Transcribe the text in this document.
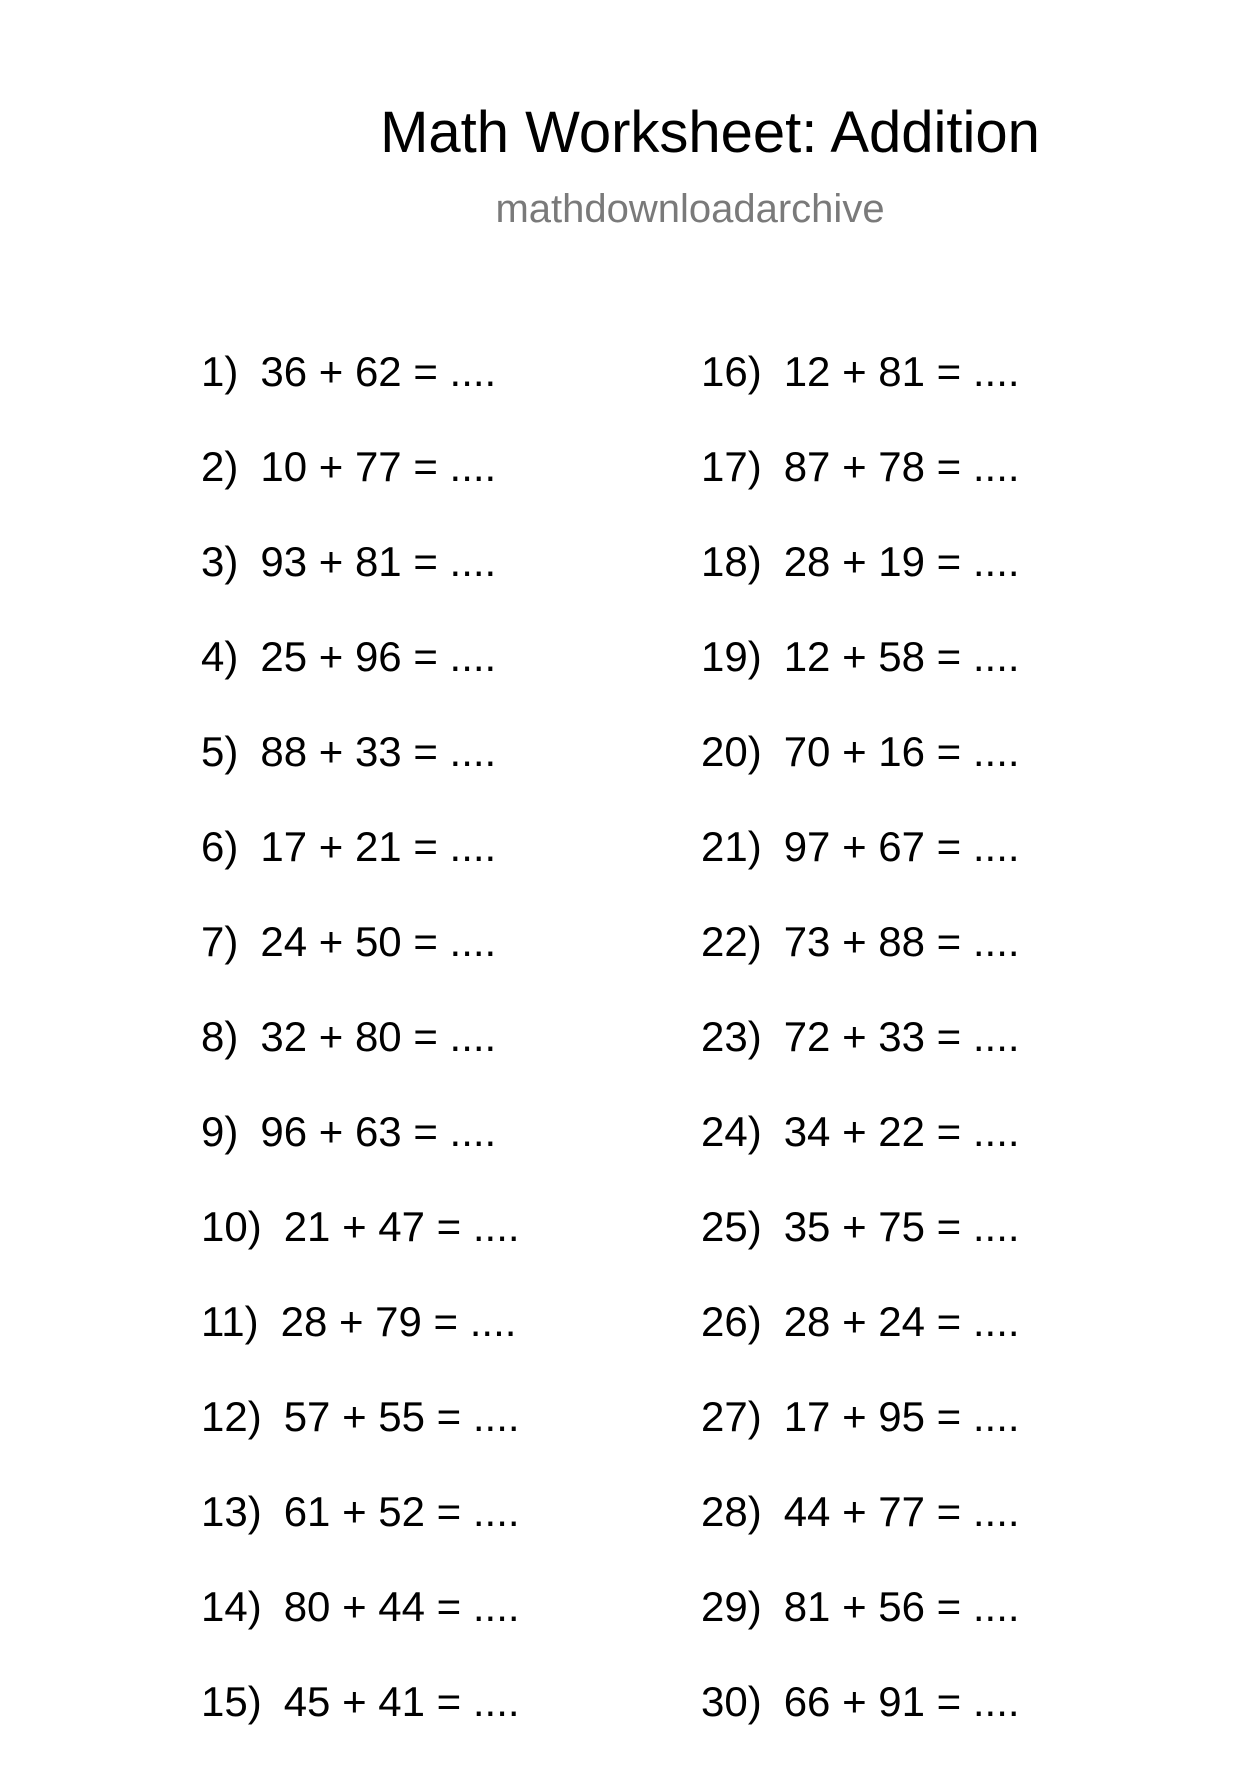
Math Worksheet: Addition
mathdownloadarchive
1) 36 + 62 = ....
2) 10 + 77 = ....
3) 93 + 81 = ....
4) 25 + 96 = ....
5) 88 + 33 = ....
6) 17 + 21 = ....
7) 24 + 50 = ....
8) 32 + 80 = ....
9) 96 + 63 = ....
10) 21 + 47 = ....
11) 28 + 79 = ....
12) 57 + 55 = ....
13) 61 + 52 = ....
14) 80 + 44 = ....
15) 45 + 41 = ....
16) 12 + 81 = ....
17) 87 + 78 = ....
18) 28 + 19 = ....
19) 12 + 58 = ....
20) 70 + 16 = ....
21) 97 + 67 = ....
22) 73 + 88 = ....
23) 72 + 33 = ....
24) 34 + 22 = ....
25) 35 + 75 = ....
26) 28 + 24 = ....
27) 17 + 95 = ....
28) 44 + 77 = ....
29) 81 + 56 = ....
30) 66 + 91 = ....
